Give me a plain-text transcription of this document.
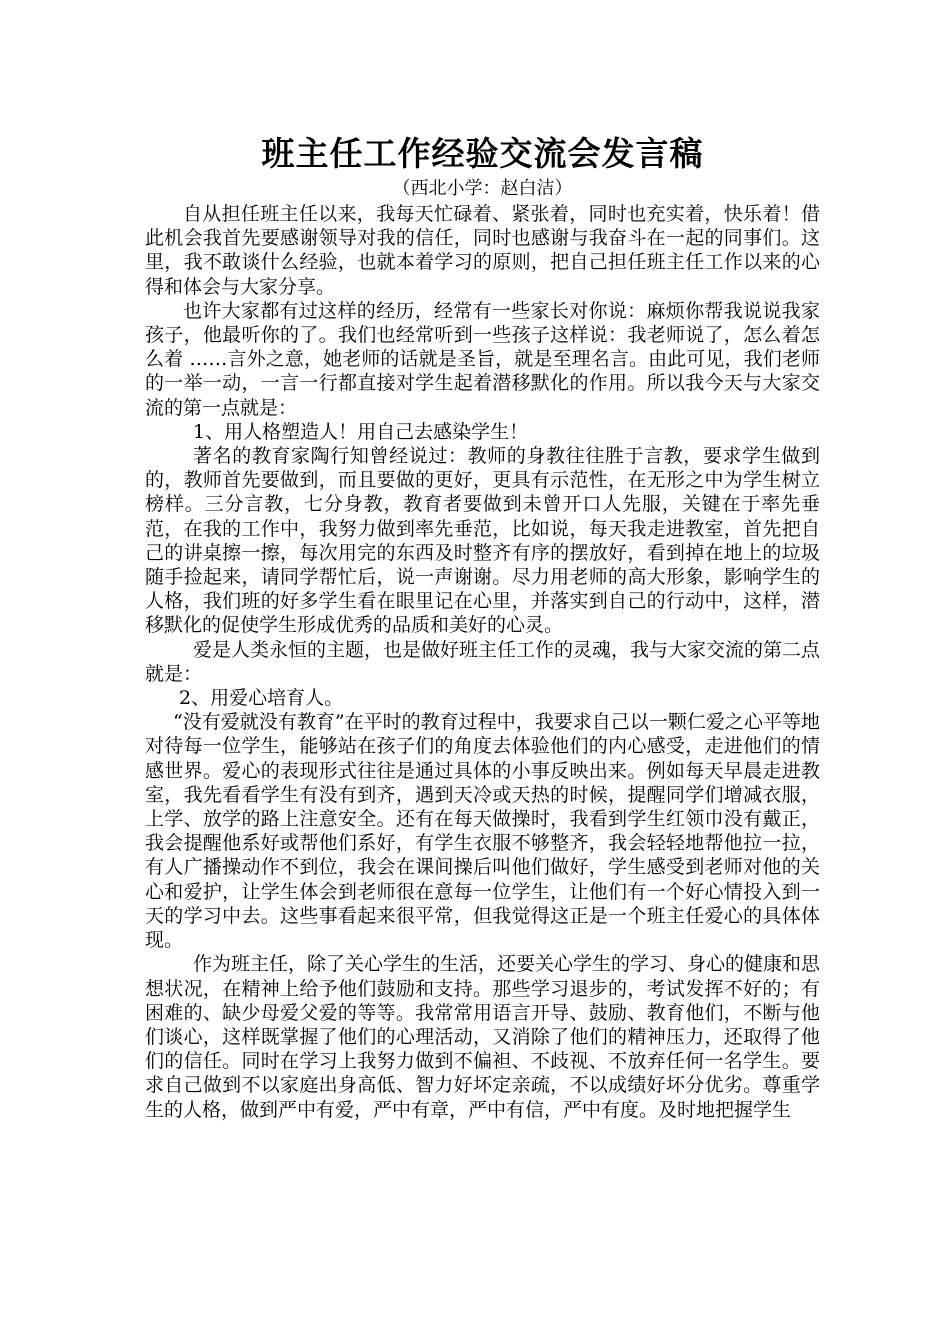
班主任工作经验交流会发言稿

（西北小学：赵白洁）

自从担任班主任以来，我每天忙碌着、紧张着，同时也充实着，快乐着！借此机会我首先要感谢领导对我的信任，同时也感谢与我奋斗在一起的同事们。这里，我不敢谈什么经验，也就本着学习的原则，把自己担任班主任工作以来的心得和体会与大家分享。

也许大家都有过这样的经历，经常有一些家长对你说：麻烦你帮我说说我家孩子，他最听你的了。我们也经常听到一些孩子这样说：我老师说了，怎么着怎么着 ……言外之意，她老师的话就是圣旨，就是至理名言。由此可见，我们老师的一举一动，一言一行都直接对学生起着潜移默化的作用。所以我今天与大家交流的第一点就是：

1、用人格塑造人！用自己去感染学生！

著名的教育家陶行知曾经说过：教师的身教往往胜于言教，要求学生做到的，教师首先要做到，而且要做的更好，更具有示范性，在无形之中为学生树立榜样。三分言教，七分身教，教育者要做到未曾开口人先服，关键在于率先垂范，在我的工作中，我努力做到率先垂范，比如说，每天我走进教室，首先把自己的讲桌擦一擦，每次用完的东西及时整齐有序的摆放好，看到掉在地上的垃圾随手捡起来，请同学帮忙后，说一声谢谢。尽力用老师的高大形象，影响学生的人格，我们班的好多学生看在眼里记在心里，并落实到自己的行动中，这样，潜移默化的促使学生形成优秀的品质和美好的心灵。

爱是人类永恒的主题，也是做好班主任工作的灵魂，我与大家交流的第二点就是：

2、用爱心培育人。

“没有爱就没有教育”在平时的教育过程中，我要求自己以一颗仁爱之心平等地对待每一位学生，能够站在孩子们的角度去体验他们的内心感受，走进他们的情感世界。爱心的表现形式往往是通过具体的小事反映出来。例如每天早晨走进教室，我先看看学生有没有到齐，遇到天冷或天热的时候，提醒同学们增减衣服，上学、放学的路上注意安全。还有在每天做操时，我看到学生红领巾没有戴正，我会提醒他系好或帮他们系好，有学生衣服不够整齐，我会轻轻地帮他拉一拉，有人广播操动作不到位，我会在课间操后叫他们做好，学生感受到老师对他的关心和爱护，让学生体会到老师很在意每一位学生，让他们有一个好心情投入到一天的学习中去。这些事看起来很平常，但我觉得这正是一个班主任爱心的具体体现。

作为班主任，除了关心学生的生活，还要关心学生的学习、身心的健康和思想状况，在精神上给予他们鼓励和支持。那些学习退步的，考试发挥不好的；有困难的、缺少母爱父爱的等等。我常常用语言开导、鼓励、教育他们，不断与他们谈心，这样既掌握了他们的心理活动，又消除了他们的精神压力，还取得了他们的信任。同时在学习上我努力做到不偏袒、不歧视、不放弃任何一名学生。要求自己做到不以家庭出身高低、智力好坏定亲疏，不以成绩好坏分优劣。尊重学生的人格，做到严中有爱，严中有章，严中有信，严中有度。及时地把握学生
